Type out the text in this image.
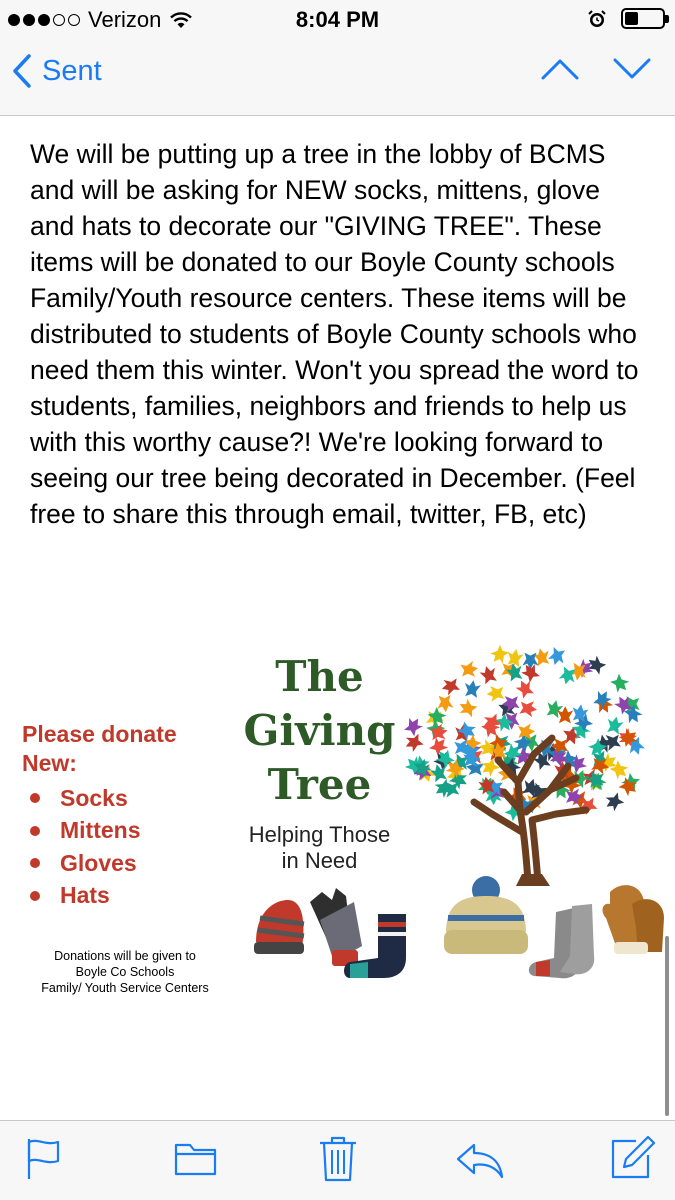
Verizon	8:04 PM
Sent
We will be putting up a tree in the lobby of BCMS and will be asking for NEW socks, mittens, glove and hats to decorate our "GIVING TREE". These items will be donated to our Boyle County schools Family/Youth resource centers. These items will be distributed to students of Boyle County schools who need them this winter. Won't you spread the word to students, families, neighbors and friends to help us with this worthy cause?! We're looking forward to seeing our tree being decorated in December. (Feel free to share this through email, twitter, FB, etc)
Please donate
New:
Socks
Mittens
Gloves
Hats
Donations will be given to
Boyle Co Schools
Family/ Youth Service Centers
The
Giving
Tree
Helping Those
in Need
